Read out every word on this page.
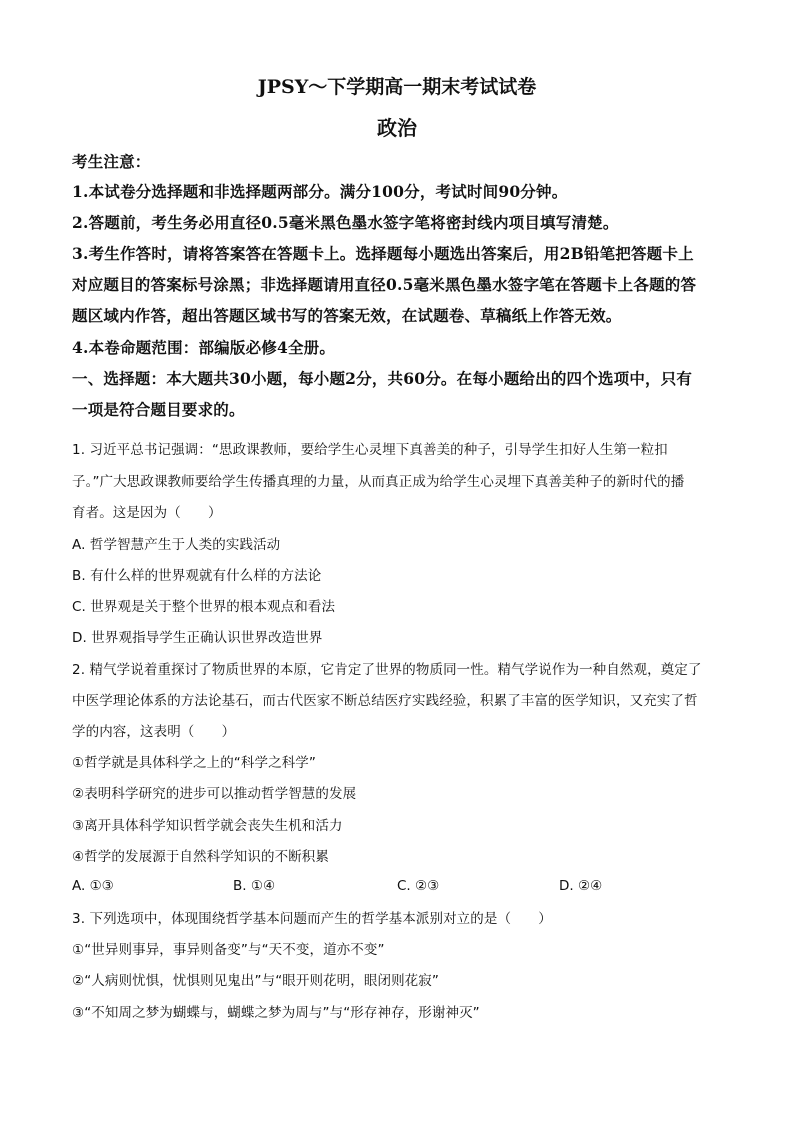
JPSY～下学期高一期末考试试卷
政治
考生注意：
1.本试卷分选择题和非选择题两部分。满分100分，考试时间90分钟。
2.答题前，考生务必用直径0.5毫米黑色墨水签字笔将密封线内项目填写清楚。
3.考生作答时，请将答案答在答题卡上。选择题每小题选出答案后，用2B铅笔把答题卡上
对应题目的答案标号涂黑；非选择题请用直径0.5毫米黑色墨水签字笔在答题卡上各题的答
题区域内作答，超出答题区域书写的答案无效，在试题卷、草稿纸上作答无效。
4.本卷命题范围：部编版必修4全册。
一、选择题：本大题共30小题，每小题2分，共60分。在每小题给出的四个选项中，只有
一项是符合题目要求的。
1. 习近平总书记强调：“思政课教师，要给学生心灵埋下真善美的种子，引导学生扣好人生第一粒扣
子。”广大思政课教师要给学生传播真理的力量，从而真正成为给学生心灵埋下真善美种子的新时代的播
育者。这是因为（　　）
A. 哲学智慧产生于人类的实践活动
B. 有什么样的世界观就有什么样的方法论
C. 世界观是关于整个世界的根本观点和看法
D. 世界观指导学生正确认识世界改造世界
2. 精气学说着重探讨了物质世界的本原，它肯定了世界的物质同一性。精气学说作为一种自然观，奠定了
中医学理论体系的方法论基石，而古代医家不断总结医疗实践经验，积累了丰富的医学知识，又充实了哲
学的内容，这表明（　　）
①哲学就是具体科学之上的“科学之科学”
②表明科学研究的进步可以推动哲学智慧的发展
③离开具体科学知识哲学就会丧失生机和活力
④哲学的发展源于自然科学知识的不断积累
A. ①③	B. ①④	C. ②③	D. ②④
3. 下列选项中，体现围绕哲学基本问题而产生的哲学基本派别对立的是（　　）
①“世异则事异，事异则备变”与“天不变，道亦不变”
②“人病则忧惧，忧惧则见鬼出”与“眼开则花明，眼闭则花寂”
③“不知周之梦为蝴蝶与，蝴蝶之梦为周与”与“形存神存，形谢神灭”
